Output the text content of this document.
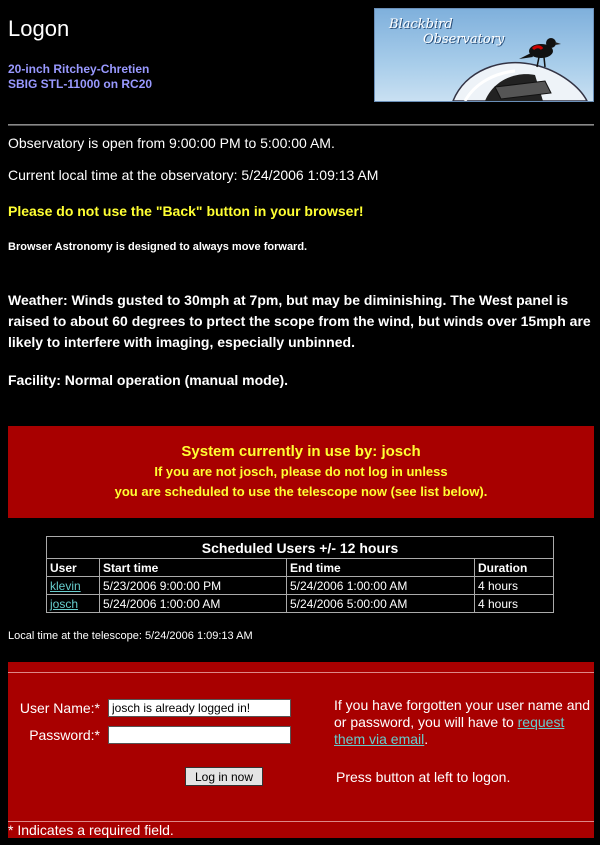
Logon
20-inch Ritchey-Chretien
SBIG STL-11000 on RC20
Blackbird
Observatory
Observatory is open from 9:00:00 PM to 5:00:00 AM.
Current local time at the observatory: 5/24/2006 1:09:13 AM
Please do not use the "Back" button in your browser!
Browser Astronomy is designed to always move forward.
Weather: Winds gusted to 30mph at 7pm, but may be diminishing. The West panel is raised to about 60 degrees to prtect the scope from the wind, but winds over 15mph are likely to interfere with imaging, especially unbinned.
Facility: Normal operation (manual mode).
System currently in use by: josch
If you are not josch, please do not log in unless
you are scheduled to use the telescope now (see list below).
Scheduled Users +/- 12 hours			
User	Start time	End time	Duration
klevin	5/23/2006 9:00:00 PM	5/24/2006 1:00:00 AM	4 hours
josch	5/24/2006 1:00:00 AM	5/24/2006 5:00:00 AM	4 hours
Local time at the telescope: 5/24/2006 1:09:13 AM
User Name:*
josch is already logged in!
Password:*
Log in now
If you have forgotten your user name and or password, you will have to request them via email.
Press button at left to logon.
* Indicates a required field.
